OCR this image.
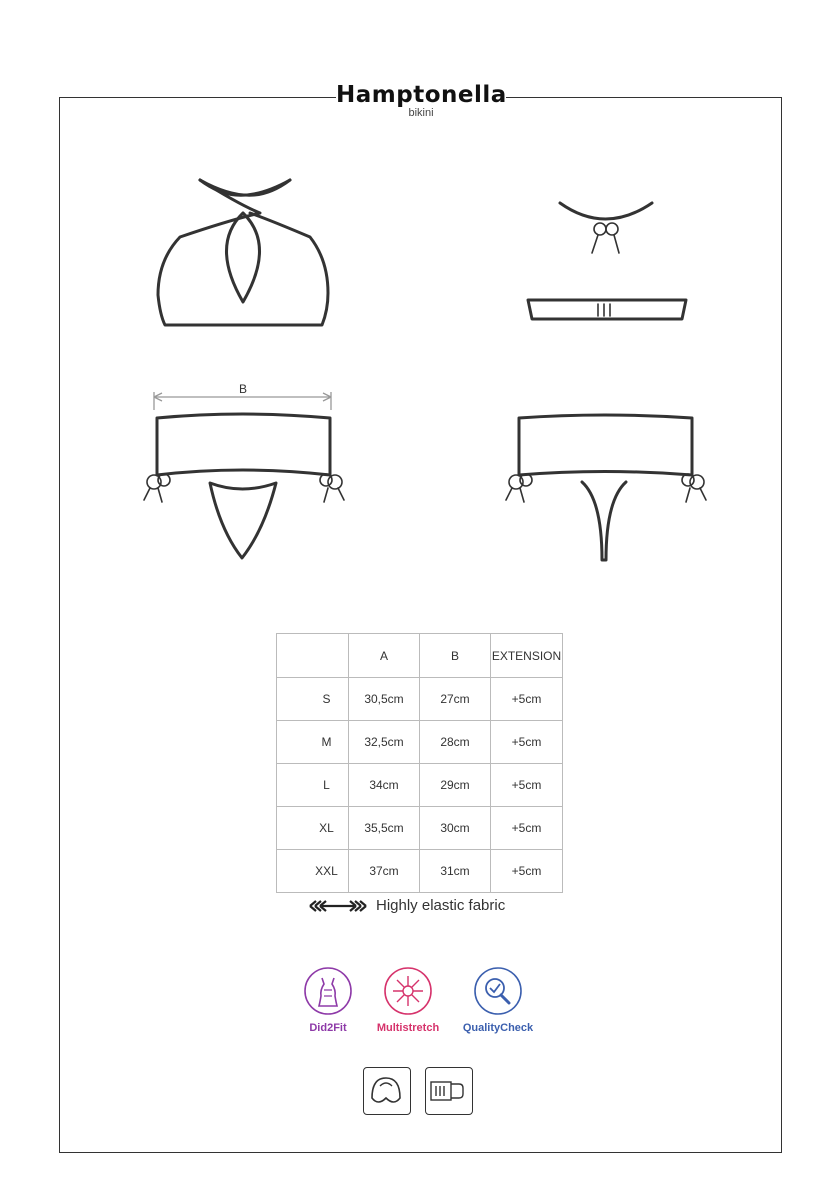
Hamptonella
bikini
B
	A	B	EXTENSION
S	30,5cm	27cm	+5cm
M	32,5cm	28cm	+5cm
L	34cm	29cm	+5cm
XL	35,5cm	30cm	+5cm
XXL	37cm	31cm	+5cm
Highly elastic fabric
Did2Fit	Multistretch	QualityCheck
